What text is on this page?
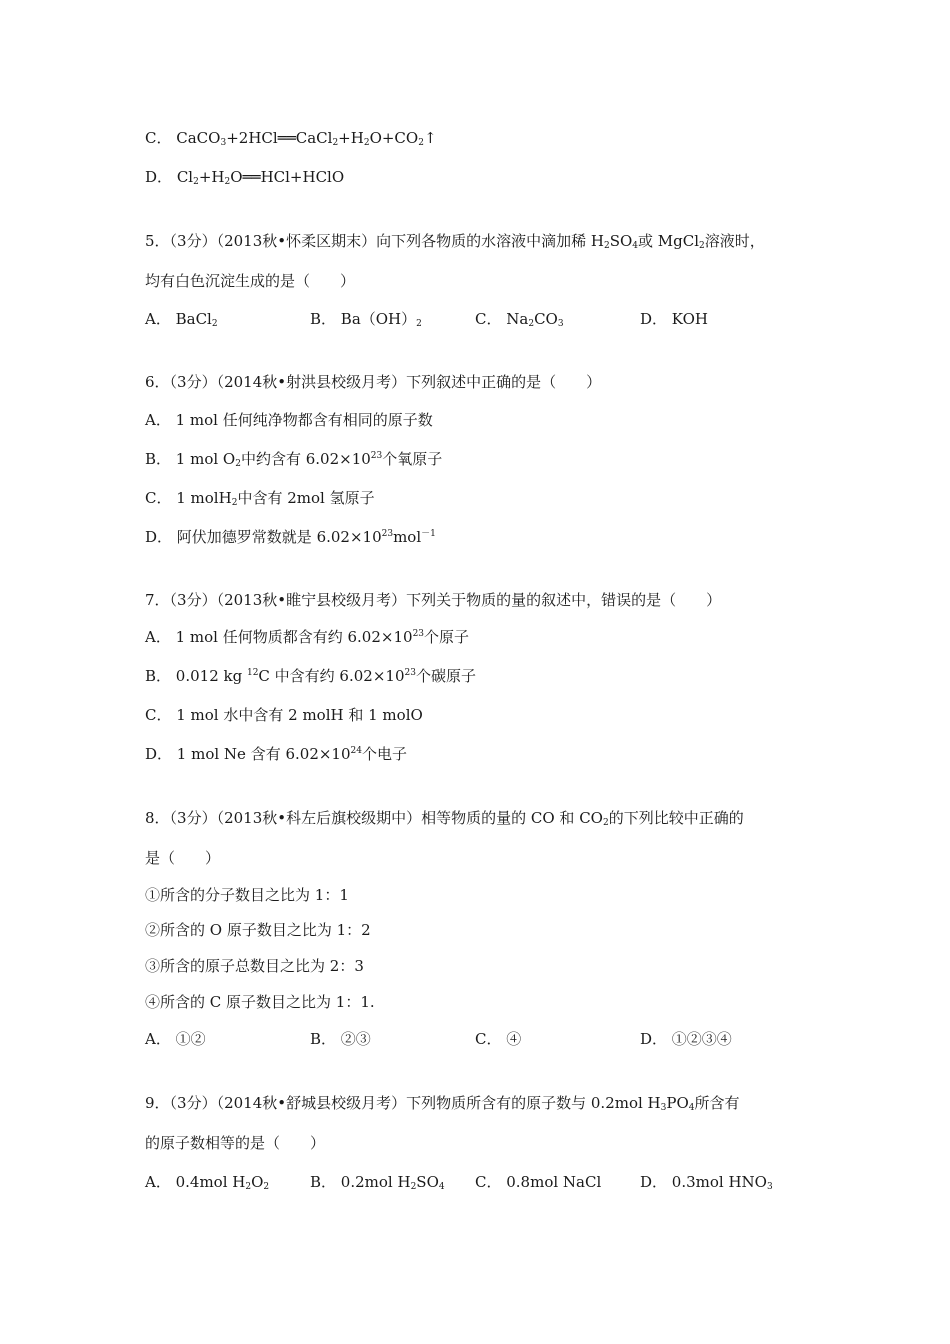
C． $CaCO_3+2HCl══CaCl_2+H_2O+CO_2↑$
D． $Cl_2+H_2O══HCl+HClO$
5．（3分）（2013秋•怀柔区期末）向下列各物质的水溶液中滴加稀 $H_2SO_4$或 MgCl$_2$溶液时，
均有白色沉淀生成的是（　　）
A． BaCl$_2$	B． $Ba(OH)_2$	C． $Na_2CO_3$	D． KOH
6．（3分）（2014秋•射洪县校级月考）下列叙述中正确的是（　　）
A． 1 mol 任何纯净物都含有相同的原子数
B． 1 mol $O_2$中约含有 $6.02\times 10^{23}$个氧原子
C． 1 molH$_2$中含有 2mol 氢原子
D． 阿伏加德罗常数就是 $6.02\times 10^{23}mol^{-1}$
7．（3分）（2013秋•睢宁县校级月考）下列关于物质的量的叙述中，错误的是（　　）
A． 1 mol 任何物质都含有约 $6.02\times 10^{23}$个原子
B． 0.012 kg $^{12}$C 中含有约 $6.02\times 10^{23}$个碳原子
C． 1 mol 水中含有 2 molH 和 1 molO
D． 1 mol Ne 含有 $6.02\times 10^{24}$个电子
8．（3分）（2013秋•科左后旗校级期中）相等物质的量的 CO 和 $CO_2$的下列比较中正确的
是（　　）
①所含的分子数目之比为 1：1
②所含的 O 原子数目之比为 1：2
③所含的原子总数目之比为 2：3
④所含的 C 原子数目之比为 1：1.
A． ①②	B． ②③	C． ④	D． ①②③④
9．（3分）（2014秋•舒城县校级月考）下列物质所含有的原子数与 0.2mol $H_3PO_4$所含有
的原子数相等的是（　　）
A． 0.4mol $H_2O_2$	B． 0.2mol $H_2SO_4$ C． 0.8mol NaCl	D． 0.3mol $HNO_3$
